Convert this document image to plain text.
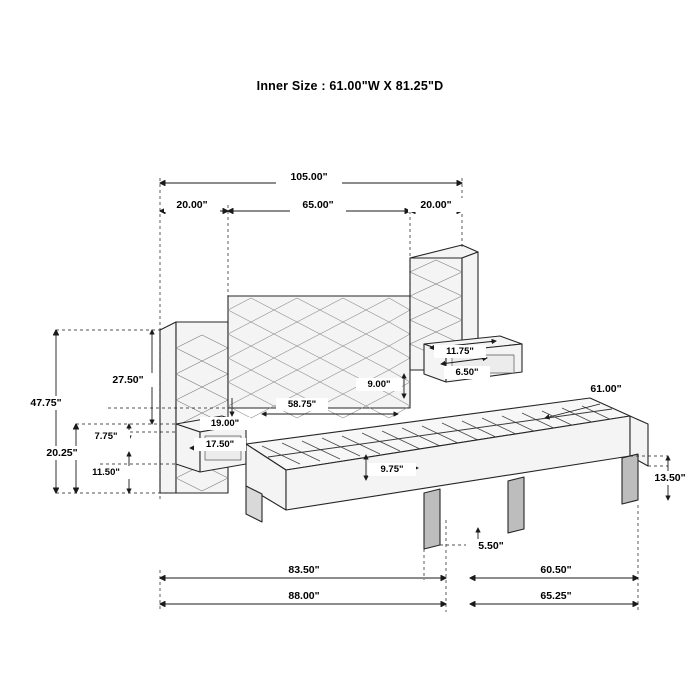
Inner Size : 61.00"W X 81.25"D
105.00"
20.00"	65.00"	20.00"
47.75"
27.50"
20.25"
7.75"
11.50"
11.75"
6.50"
19.00"
17.50"
9.00"
58.75"
9.75"
61.00"
13.50"
5.50"
83.50"	60.50"
88.00"	65.25"
